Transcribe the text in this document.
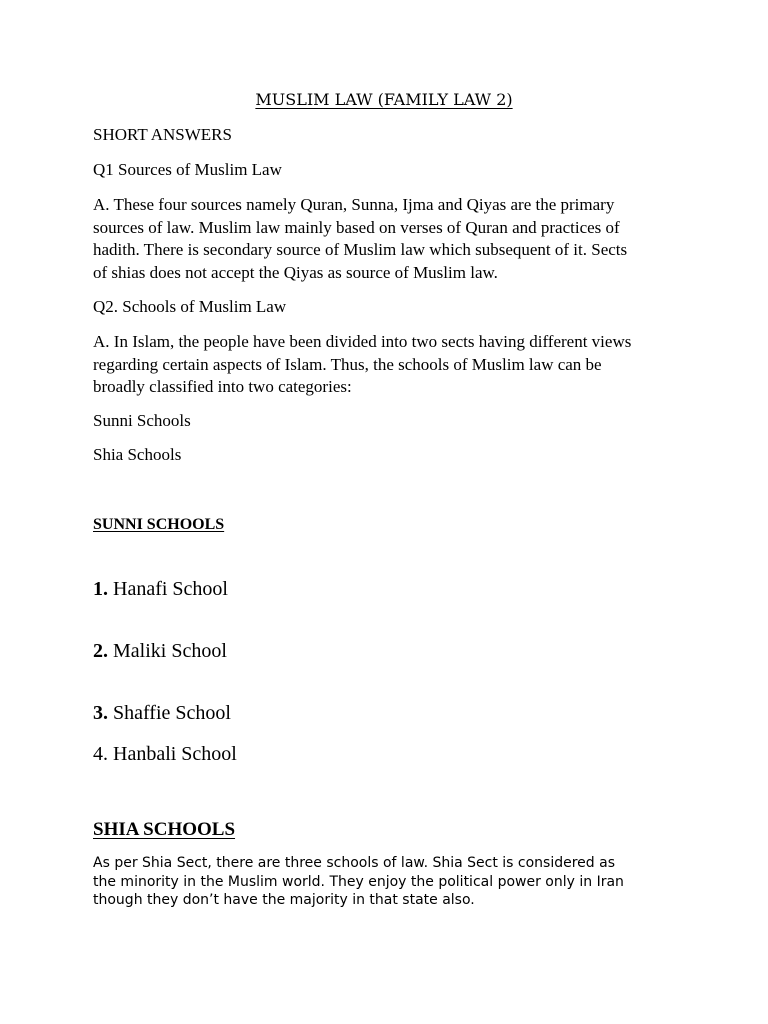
MUSLIM LAW (FAMILY LAW 2)

SHORT ANSWERS

Q1 Sources of Muslim Law

A. These four sources namely Quran, Sunna, Ijma and Qiyas are the primary

sources of law. Muslim law mainly based on verses of Quran and practices of

hadith. There is secondary source of Muslim law which subsequent of it. Sects

of shias does not accept the Qiyas as source of Muslim law.

Q2. Schools of Muslim Law

A. In Islam, the people have been divided into two sects having different views

regarding certain aspects of Islam. Thus, the schools of Muslim law can be

broadly classified into two categories:

Sunni Schools

Shia Schools

SUNNI SCHOOLS

1. Hanafi School

2. Maliki School

3. Shaffie School

4. Hanbali School

SHIA SCHOOLS

As per Shia Sect, there are three schools of law. Shia Sect is considered as

the minority in the Muslim world. They enjoy the political power only in Iran

though they don’t have the majority in that state also.
